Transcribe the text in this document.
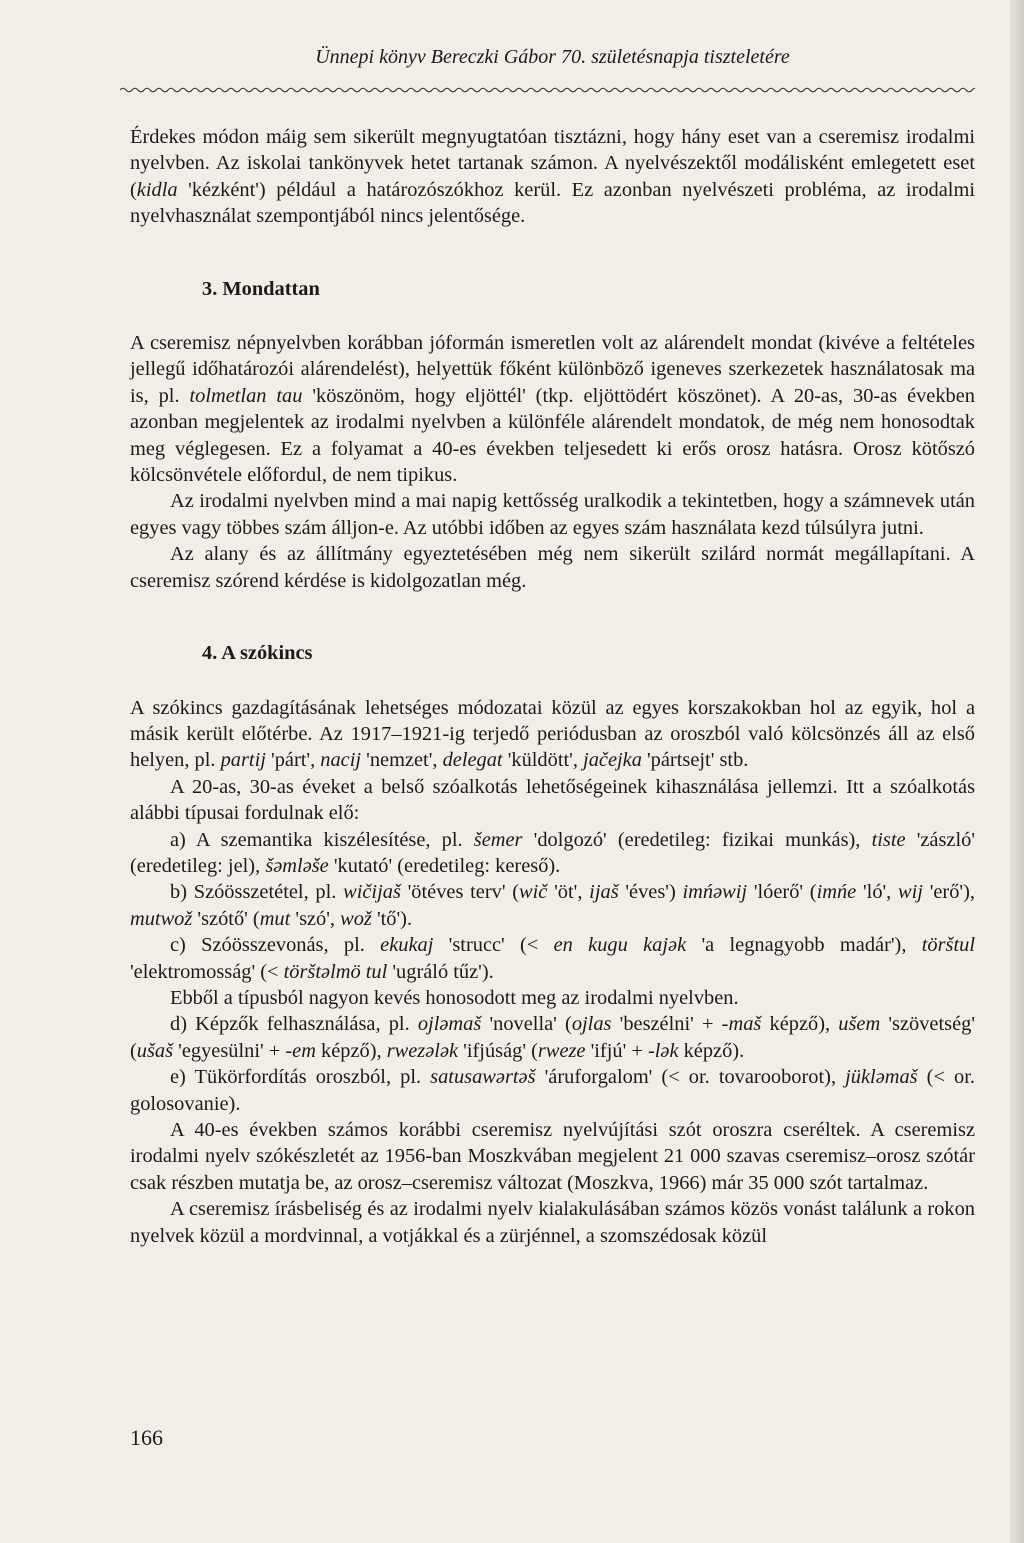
Ünnepi könyv Bereczki Gábor 70. születésnapja tiszteletére

Érdekes módon máig sem sikerült megnyugtatóan tisztázni, hogy hány eset van a cseremisz irodalmi nyelvben. Az iskolai tankönyvek hetet tartanak számon. A nyelvészektől modálisként emlegetett eset (kidla 'kézként') például a határozószókhoz kerül. Ez azonban nyelvészeti probléma, az irodalmi nyelvhasználat szempontjából nincs jelentősége.

3. Mondattan

A cseremisz népnyelvben korábban jóformán ismeretlen volt az alárendelt mondat (kivéve a feltételes jellegű időhatározói alárendelést), helyettük főként különböző igeneves szerkezetek használatosak ma is, pl. tolmetlan tau 'köszönöm, hogy eljöttél' (tkp. eljöttödért köszönet). A 20-as, 30-as években azonban megjelentek az irodalmi nyelvben a különféle alárendelt mondatok, de még nem honosodtak meg véglegesen. Ez a folyamat a 40-es években teljesedett ki erős orosz hatásra. Orosz kötőszó kölcsönvétele előfordul, de nem tipikus.

Az irodalmi nyelvben mind a mai napig kettősség uralkodik a tekintetben, hogy a számnevek után egyes vagy többes szám álljon-e. Az utóbbi időben az egyes szám használata kezd túlsúlyra jutni.

Az alany és az állítmány egyeztetésében még nem sikerült szilárd normát megállapítani. A cseremisz szórend kérdése is kidolgozatlan még.

4. A szókincs

A szókincs gazdagításának lehetséges módozatai közül az egyes korszakokban hol az egyik, hol a másik került előtérbe. Az 1917–1921-ig terjedő periódusban az oroszból való kölcsönzés áll az első helyen, pl. partij 'párt', nacij 'nemzet', delegat 'küldött', jačejka 'pártsejt' stb.

A 20-as, 30-as éveket a belső szóalkotás lehetőségeinek kihasználása jellemzi. Itt a szóalkotás alábbi típusai fordulnak elő:

a) A szemantika kiszélesítése, pl. šemer 'dolgozó' (eredetileg: fizikai munkás), tiste 'zászló' (eredetileg: jel), šǝmlǝše 'kutató' (eredetileg: kereső).

b) Szóösszetétel, pl. wičijaš 'ötéves terv' (wič 'öt', ijaš 'éves') imńǝwij 'lóerő' (imńe 'ló', wij 'erő'), mutwož 'szótő' (mut 'szó', wož 'tő').

c) Szóösszevonás, pl. ekukaj 'strucc' (< en kugu kajǝk 'a legnagyobb madár'), törštul 'elektromosság' (< törštǝlmö tul 'ugráló tűz').

Ebből a típusból nagyon kevés honosodott meg az irodalmi nyelvben.

d) Képzők felhasználása, pl. ojlǝmaš 'novella' (ojlas 'beszélni' + -maš képző), ušem 'szövetség' (ušaš 'egyesülni' + -em képző), rwezǝlǝk 'ifjúság' (rweze 'ifjú' + -lǝk képző).

e) Tükörfordítás oroszból, pl. satusawǝrtǝš 'áruforgalom' (< or. tovarooborot), jüklǝmaš (< or. golosovanie).

A 40-es években számos korábbi cseremisz nyelvújítási szót oroszra cseréltek. A cseremisz irodalmi nyelv szókészletét az 1956-ban Moszkvában megjelent 21 000 szavas cseremisz–orosz szótár csak részben mutatja be, az orosz–cseremisz változat (Moszkva, 1966) már 35 000 szót tartalmaz.

A cseremisz írásbeliség és az irodalmi nyelv kialakulásában számos közös vonást találunk a rokon nyelvek közül a mordvinnal, a votjákkal és a zürjénnel, a szomszédosak közül

166
